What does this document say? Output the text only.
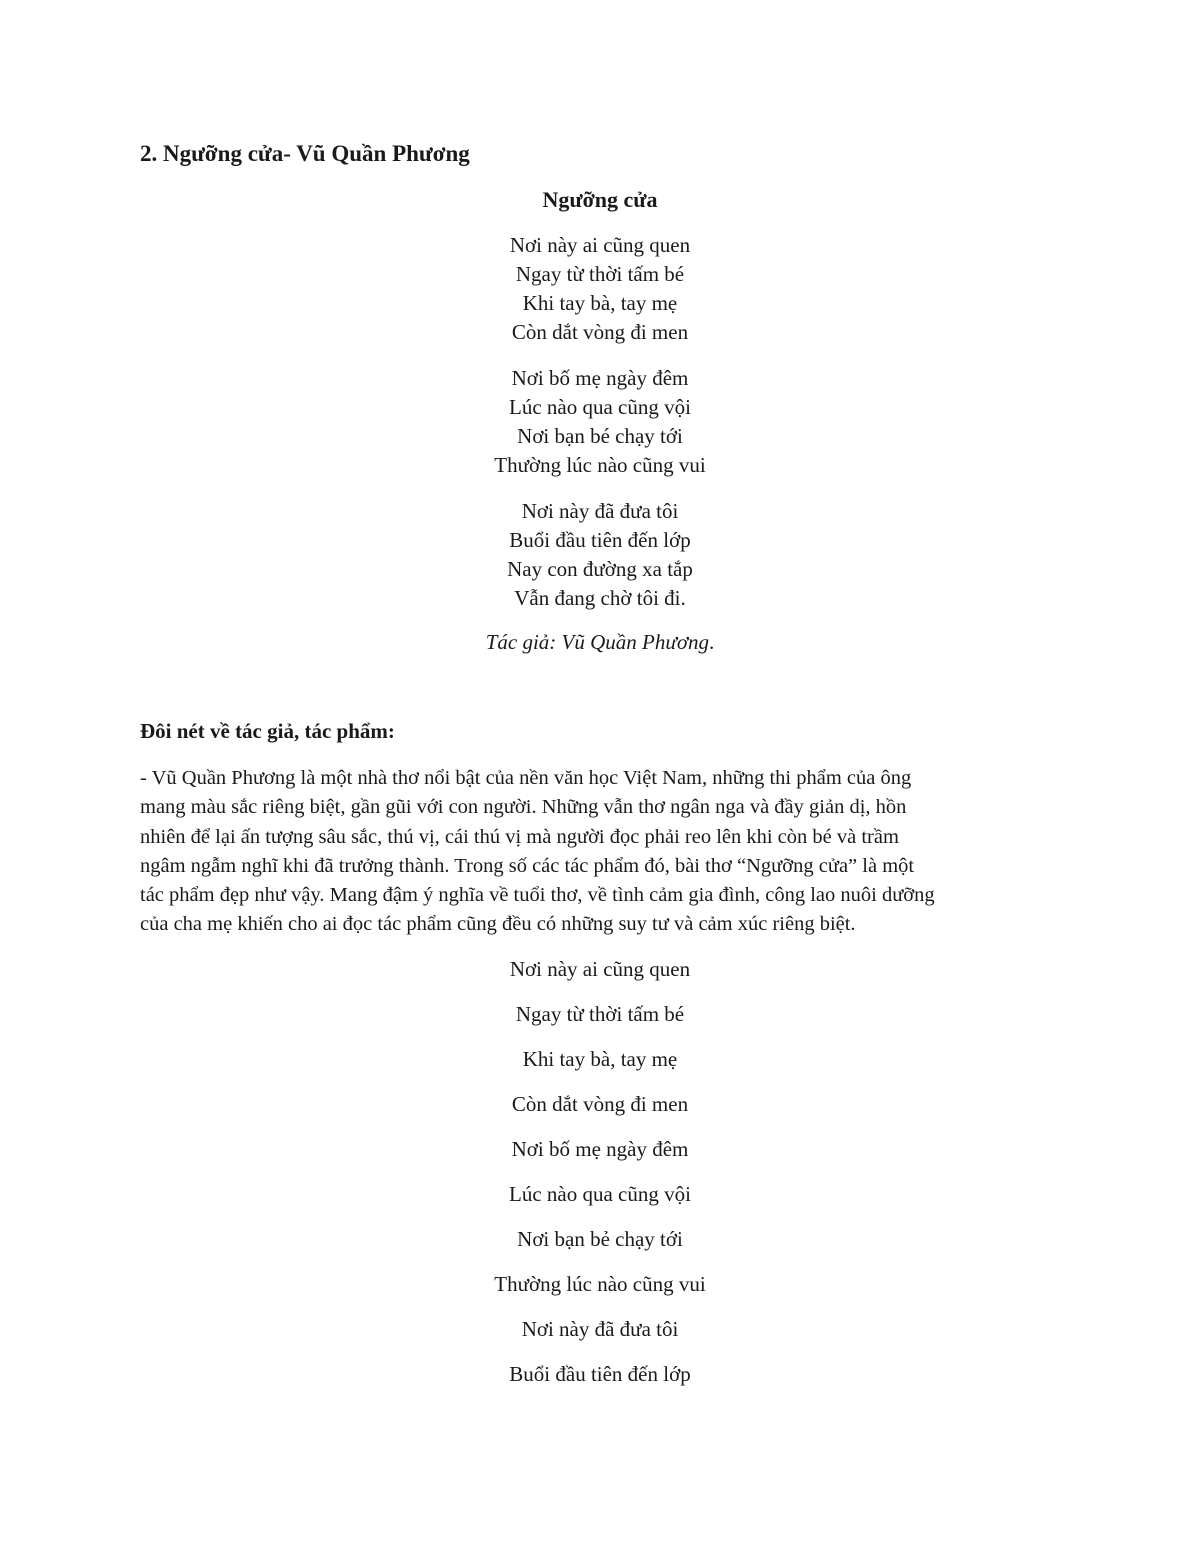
2. Ngưỡng cửa- Vũ Quần Phương
Ngưỡng cửa
Nơi này ai cũng quen
Ngay từ thời tấm bé
Khi tay bà, tay mẹ
Còn dắt vòng đi men
Nơi bố mẹ ngày đêm
Lúc nào qua cũng vội
Nơi bạn bé chạy tới
Thường lúc nào cũng vui
Nơi này đã đưa tôi
Buổi đầu tiên đến lớp
Nay con đường xa tắp
Vẫn đang chờ tôi đi.
Tác giả: Vũ Quần Phương.
Đôi nét về tác giả, tác phẩm:

- Vũ Quần Phương là một nhà thơ nổi bật của nền văn học Việt Nam, những thi phẩm của ông
mang màu sắc riêng biệt, gần gũi với con người. Những vẫn thơ ngân nga và đầy giản dị, hồn
nhiên để lại ấn tượng sâu sắc, thú vị, cái thú vị mà người đọc phải reo lên khi còn bé và trầm
ngâm ngẫm nghĩ khi đã trưởng thành. Trong số các tác phẩm đó, bài thơ “Ngưỡng cửa” là một
tác phẩm đẹp như vậy. Mang đậm ý nghĩa về tuổi thơ, về tình cảm gia đình, công lao nuôi dưỡng
của cha mẹ khiến cho ai đọc tác phẩm cũng đều có những suy tư và cảm xúc riêng biệt.

Nơi này ai cũng quen
Ngay từ thời tấm bé
Khi tay bà, tay mẹ
Còn dắt vòng đi men
Nơi bố mẹ ngày đêm
Lúc nào qua cũng vội
Nơi bạn bẻ chạy tới
Thường lúc nào cũng vui
Nơi này đã đưa tôi
Buổi đầu tiên đến lớp
